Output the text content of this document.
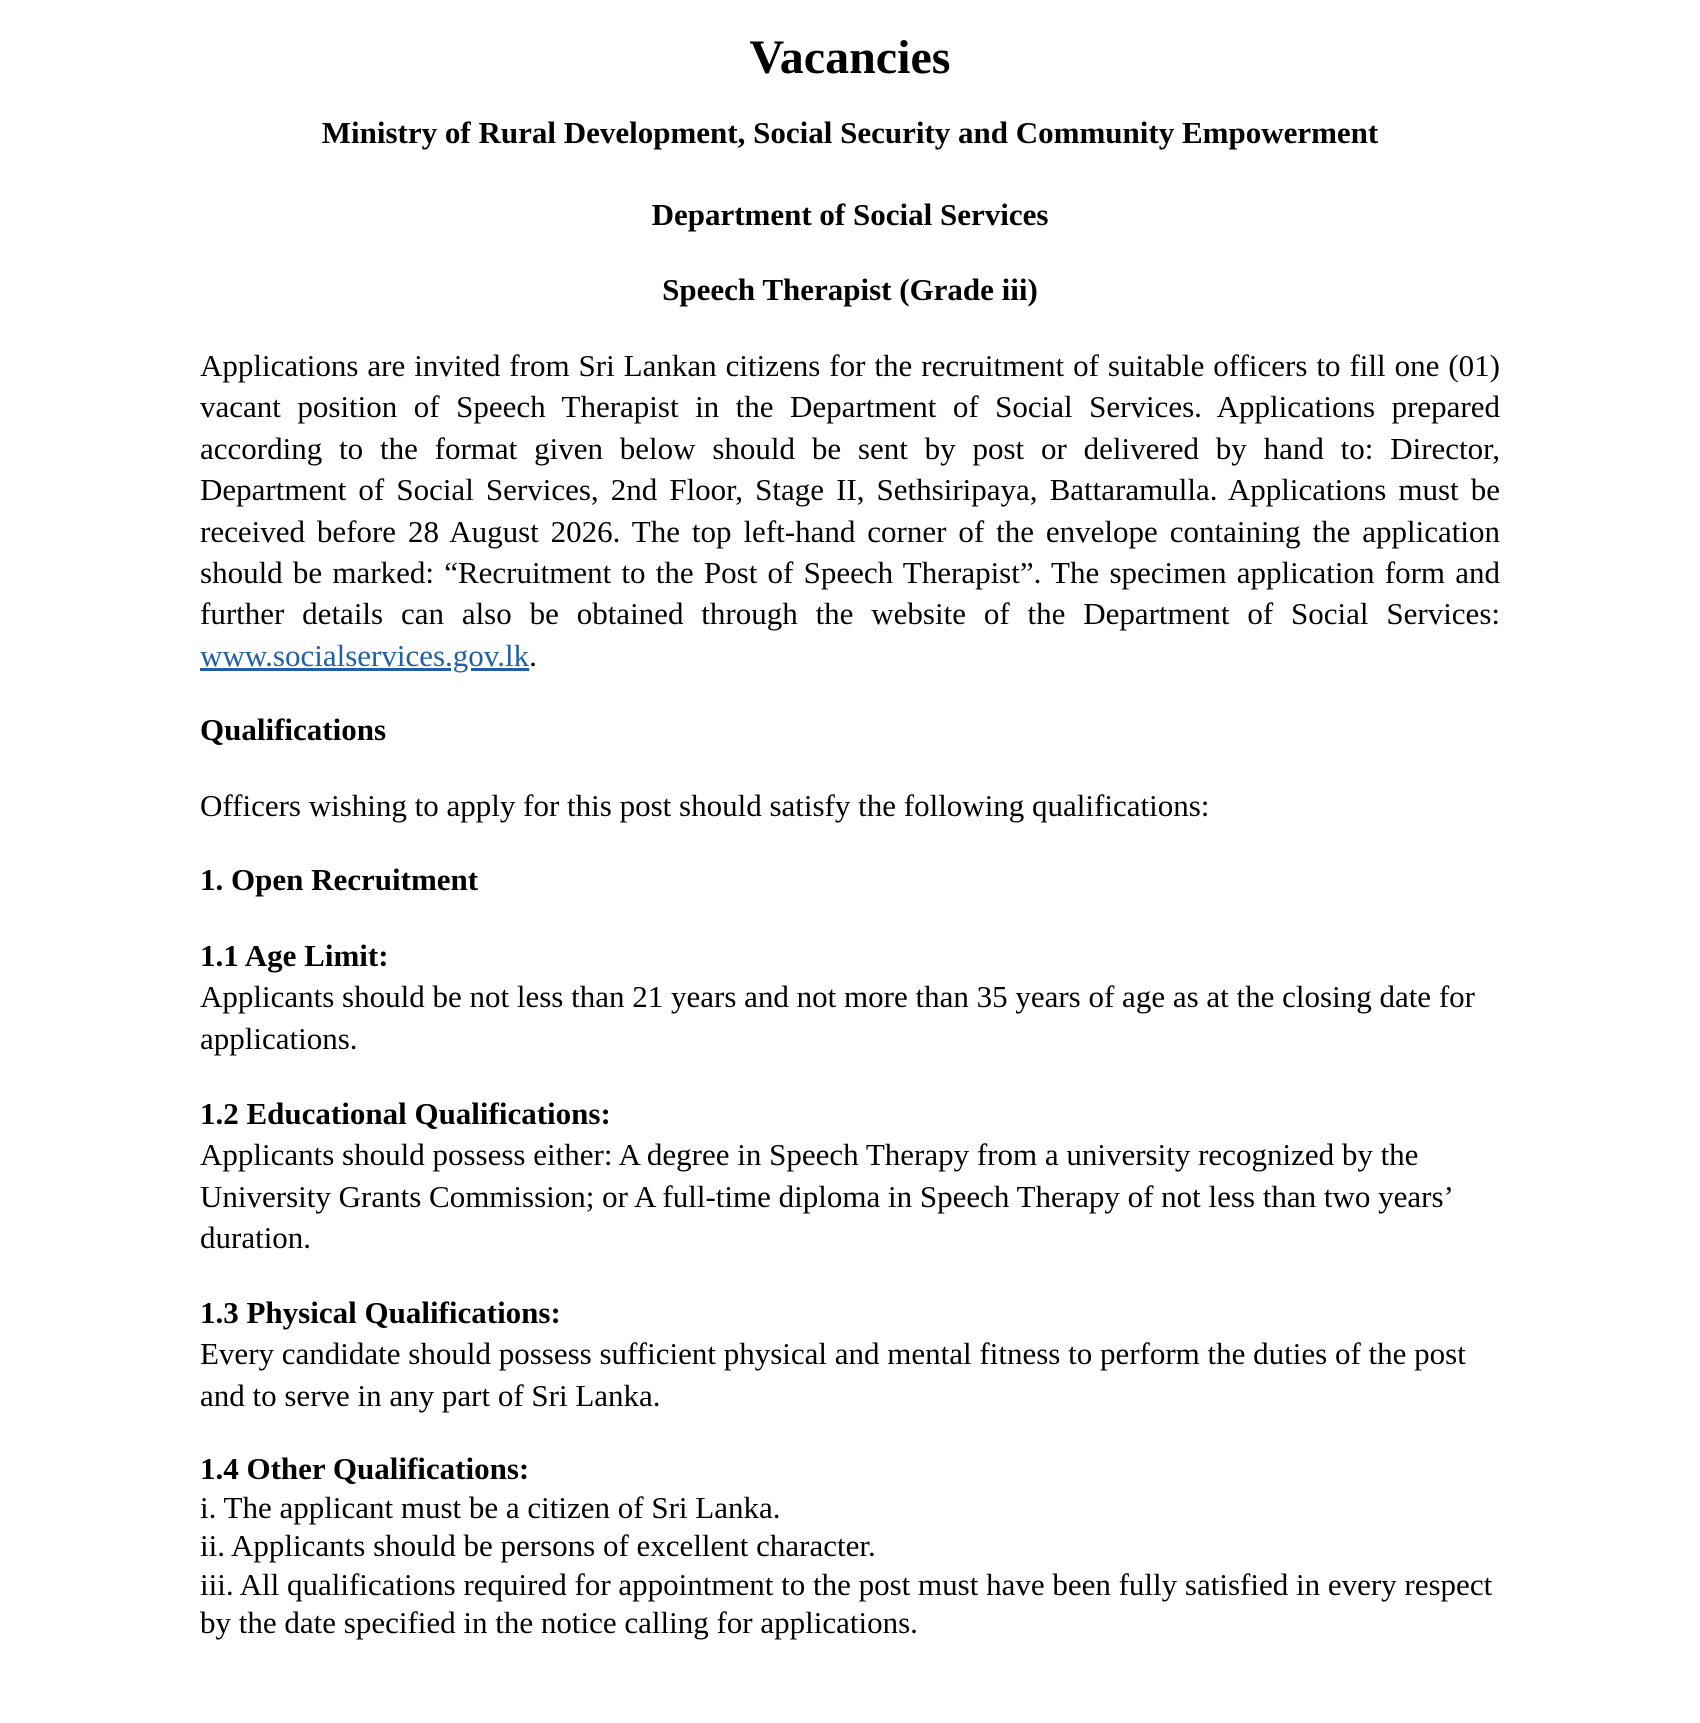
Vacancies
Ministry of Rural Development, Social Security and Community Empowerment
Department of Social Services
Speech Therapist (Grade iii)
Applications are invited from Sri Lankan citizens for the recruitment of suitable officers to fill one (01) vacant position of Speech Therapist in the Department of Social Services. Applications prepared according to the format given below should be sent by post or delivered by hand to: Director, Department of Social Services, 2nd Floor, Stage II, Sethsiripaya, Battaramulla. Applications must be received before 28 August 2026. The top left-hand corner of the envelope containing the application should be marked: “Recruitment to the Post of Speech Therapist”. The specimen application form and further details can also be obtained through the website of the Department of Social Services: www.socialservices.gov.lk.
Qualifications
Officers wishing to apply for this post should satisfy the following qualifications:
1. Open Recruitment
1.1 Age Limit:
Applicants should be not less than 21 years and not more than 35 years of age as at the closing date for applications.
1.2 Educational Qualifications:
Applicants should possess either: A degree in Speech Therapy from a university recognized by the University Grants Commission; or A full-time diploma in Speech Therapy of not less than two years’ duration.
1.3 Physical Qualifications:
Every candidate should possess sufficient physical and mental fitness to perform the duties of the post and to serve in any part of Sri Lanka.
1.4 Other Qualifications:
i. The applicant must be a citizen of Sri Lanka.
ii. Applicants should be persons of excellent character.
iii. All qualifications required for appointment to the post must have been fully satisfied in every respect by the date specified in the notice calling for applications.
